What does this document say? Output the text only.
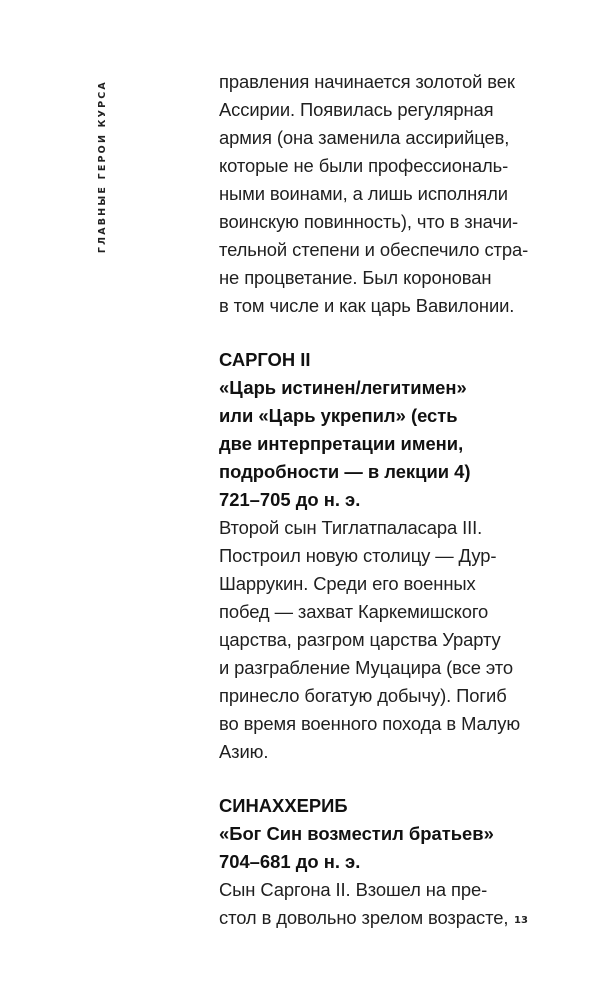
ГЛАВНЫЕ ГЕРОИ КУРСА	правления начинается золотой век
Ассирии. Появилась регулярная
армия (она заменила ассирийцев,
которые не были профессиональ-
ными воинами, а лишь исполняли
воинскую повинность), что в значи-
тельной степени и обеспечило стра-
не процветание. Был коронован
в том числе и как царь Вавилонии.

САРГОН II
«Царь истинен/легитимен»
или «Царь укрепил» (есть
две интерпретации имени,
подробности — в лекции 4)
721–705 до н. э.

Второй сын Тиглатпаласара III.
Построил новую столицу — Дур-
Шаррукин. Среди его военных
побед — захват Каркемишского
царства, разгром царства Урарту
и разграбление Муцацира (все это
принесло богатую добычу). Погиб
во время военного похода в Малую
Азию.

СИНАХХЕРИБ
«Бог Син возместил братьев»
704–681 до н. э.

Сын Саргона II. Взошел на пре-
стол в довольно зрелом возрасте, 13
